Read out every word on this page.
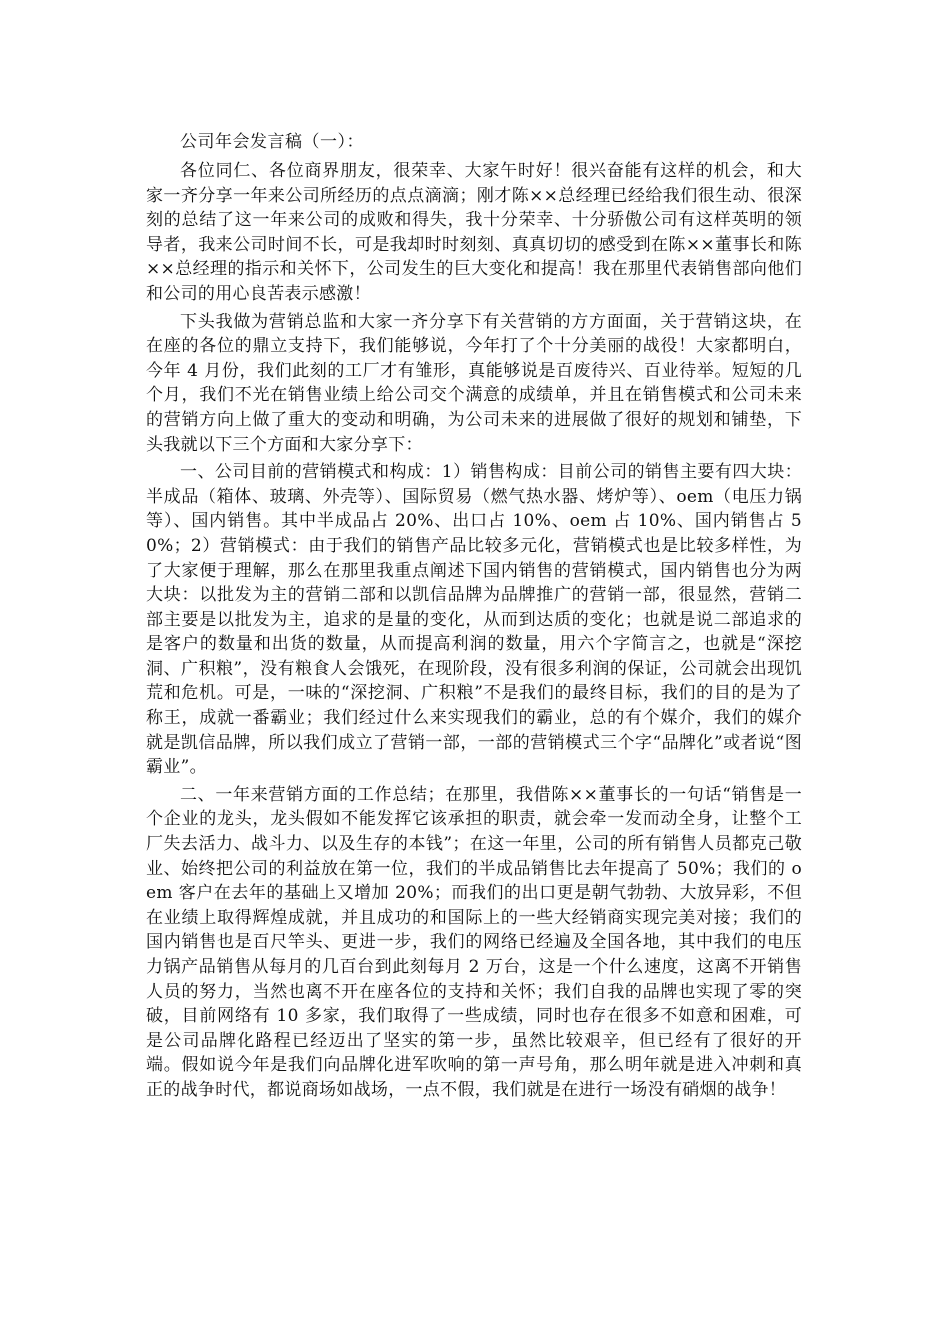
公司年会发言稿（一）：

各位同仁、各位商界朋友，很荣幸、大家午时好！很兴奋能有这样的机会，和大家一齐分享一年来公司所经历的点点滴滴；刚才陈××总经理已经给我们很生动、很深刻的总结了这一年来公司的成败和得失，我十分荣幸、十分骄傲公司有这样英明的领导者，我来公司时间不长，可是我却时时刻刻、真真切切的感受到在陈××董事长和陈××总经理的指示和关怀下，公司发生的巨大变化和提高！我在那里代表销售部向他们和公司的用心良苦表示感激！

下头我做为营销总监和大家一齐分享下有关营销的方方面面，关于营销这块，在在座的各位的鼎立支持下，我们能够说，今年打了个十分美丽的战役！大家都明白，今年 4 月份，我们此刻的工厂才有雏形，真能够说是百废待兴、百业待举。短短的几个月，我们不光在销售业绩上给公司交个满意的成绩单，并且在销售模式和公司未来的营销方向上做了重大的变动和明确，为公司未来的进展做了很好的规划和铺垫，下头我就以下三个方面和大家分享下：

一、公司目前的营销模式和构成：1）销售构成：目前公司的销售主要有四大块：半成品（箱体、玻璃、外壳等）、国际贸易（燃气热水器、烤炉等）、oem（电压力锅等）、国内销售。其中半成品占 20%、出口占 10%、oem 占 10%、国内销售占 50%；2）营销模式：由于我们的销售产品比较多元化，营销模式也是比较多样性，为了大家便于理解，那么在那里我重点阐述下国内销售的营销模式，国内销售也分为两大块：以批发为主的营销二部和以凯信品牌为品牌推广的营销一部，很显然，营销二部主要是以批发为主，追求的是量的变化，从而到达质的变化；也就是说二部追求的是客户的数量和出货的数量，从而提高利润的数量，用六个字简言之，也就是“深挖洞、广积粮”，没有粮食人会饿死，在现阶段，没有很多利润的保证，公司就会出现饥荒和危机。可是，一味的“深挖洞、广积粮”不是我们的最终目标，我们的目的是为了称王，成就一番霸业；我们经过什么来实现我们的霸业，总的有个媒介，我们的媒介就是凯信品牌，所以我们成立了营销一部，一部的营销模式三个字“品牌化”或者说“图霸业”。

二、一年来营销方面的工作总结；在那里，我借陈××董事长的一句话“销售是一个企业的龙头，龙头假如不能发挥它该承担的职责，就会牵一发而动全身，让整个工厂失去活力、战斗力、以及生存的本钱”；在这一年里，公司的所有销售人员都克己敬业、始终把公司的利益放在第一位，我们的半成品销售比去年提高了 50%；我们的 oem 客户在去年的基础上又增加 20%；而我们的出口更是朝气勃勃、大放异彩，不但在业绩上取得辉煌成就，并且成功的和国际上的一些大经销商实现完美对接；我们的国内销售也是百尺竿头、更进一步，我们的网络已经遍及全国各地，其中我们的电压力锅产品销售从每月的几百台到此刻每月 2 万台，这是一个什么速度，这离不开销售人员的努力，当然也离不开在座各位的支持和关怀；我们自我的品牌也实现了零的突破，目前网络有 10 多家，我们取得了一些成绩，同时也存在很多不如意和困难，可是公司品牌化路程已经迈出了坚实的第一步，虽然比较艰辛，但已经有了很好的开端。假如说今年是我们向品牌化进军吹响的第一声号角，那么明年就是进入冲刺和真正的战争时代，都说商场如战场，一点不假，我们就是在进行一场没有硝烟的战争！
